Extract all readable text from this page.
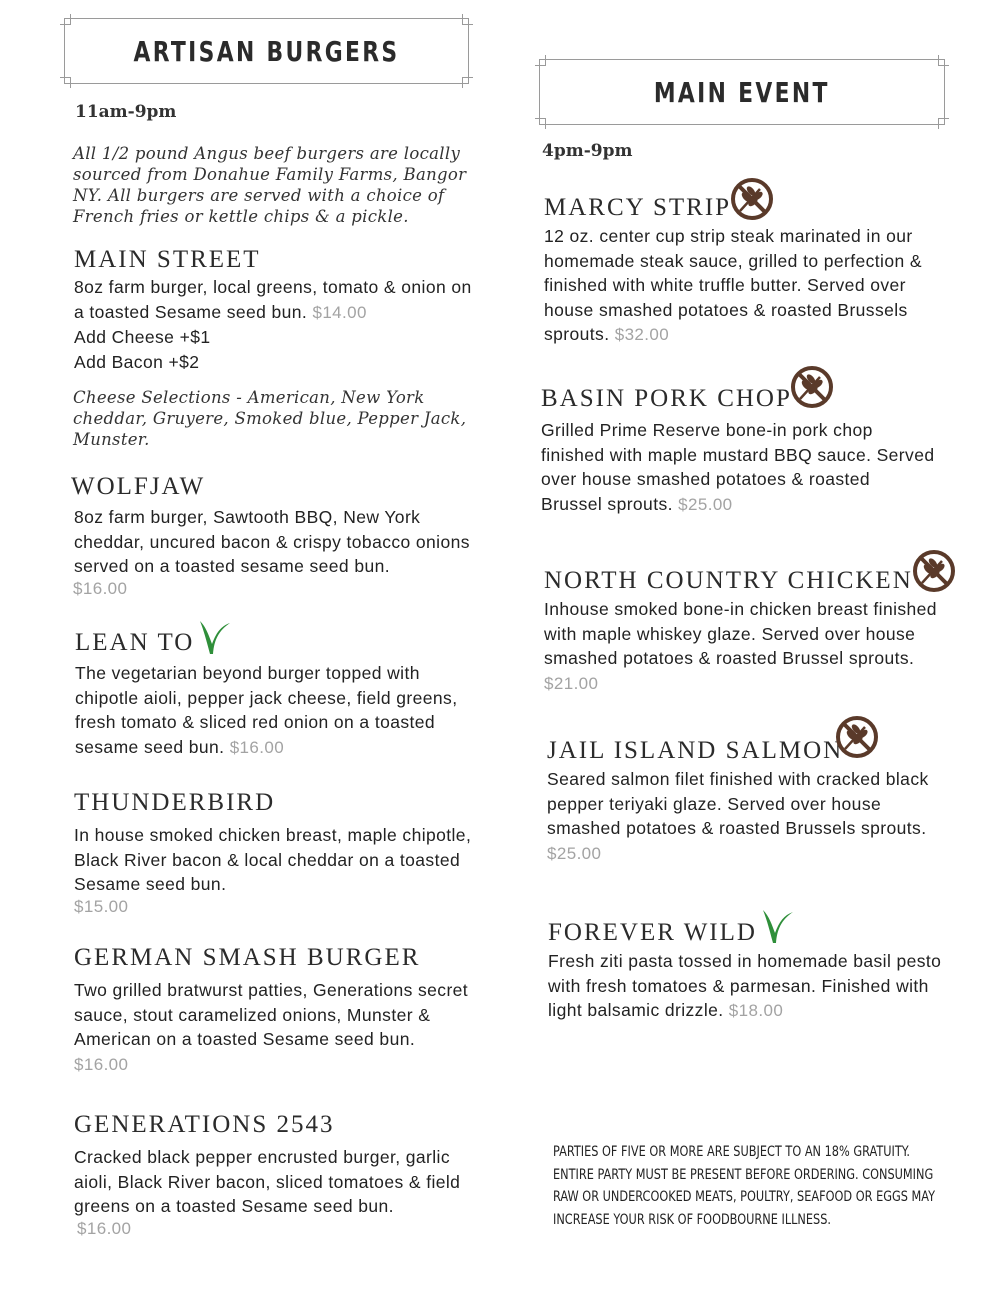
ARTISAN BURGERS
11am-9pm
All 1/2 pound Angus beef burgers are locally sourced from Donahue Family Farms, Bangor NY. All burgers are served with a choice of French fries or kettle chips & a pickle.
MAIN STREET
8oz farm burger, local greens, tomato & onion on a toasted Sesame seed bun. $14.00
Add Cheese +$1
Add Bacon +$2
Cheese Selections - American, New York cheddar, Gruyere, Smoked blue, Pepper Jack, Munster.
WOLFJAW
8oz farm burger, Sawtooth BBQ, New York cheddar, uncured bacon & crispy tobacco onions served on a toasted sesame seed bun.
$16.00
LEAN TO
The vegetarian beyond burger topped with chipotle aioli, pepper jack cheese, field greens, fresh tomato & sliced red onion on a toasted sesame seed bun. $16.00
THUNDERBIRD
In house smoked chicken breast, maple chipotle, Black River bacon & local cheddar on a toasted Sesame seed bun.
$15.00
GERMAN SMASH BURGER
Two grilled bratwurst patties, Generations secret sauce, stout caramelized onions, Munster & American on a toasted Sesame seed bun. $16.00
GENERATIONS 2543
Cracked black pepper encrusted burger, garlic aioli, Black River bacon, sliced tomatoes & field greens on a toasted Sesame seed bun.
$16.00
MAIN EVENT
4pm-9pm
MARCY STRIP
12 oz. center cup strip steak marinated in our homemade steak sauce, grilled to perfection & finished with white truffle butter. Served over house smashed potatoes & roasted Brussels sprouts. $32.00
BASIN PORK CHOP
Grilled Prime Reserve bone-in pork chop finished with maple mustard BBQ sauce. Served over house smashed potatoes & roasted Brussel sprouts. $25.00
NORTH COUNTRY CHICKEN
Inhouse smoked bone-in chicken breast finished with maple whiskey glaze. Served over house smashed potatoes & roasted Brussel sprouts. $21.00
JAIL ISLAND SALMON
Seared salmon filet finished with cracked black pepper teriyaki glaze. Served over house smashed potatoes & roasted Brussels sprouts. $25.00
FOREVER WILD
Fresh ziti pasta tossed in homemade basil pesto with fresh tomatoes & parmesan. Finished with light balsamic drizzle. $18.00
PARTIES OF FIVE OR MORE ARE SUBJECT TO AN 18% GRATUITY. ENTIRE PARTY MUST BE PRESENT BEFORE ORDERING. CONSUMING RAW OR UNDERCOOKED MEATS, POULTRY, SEAFOOD OR EGGS MAY INCREASE YOUR RISK OF FOODBOURNE ILLNESS.
